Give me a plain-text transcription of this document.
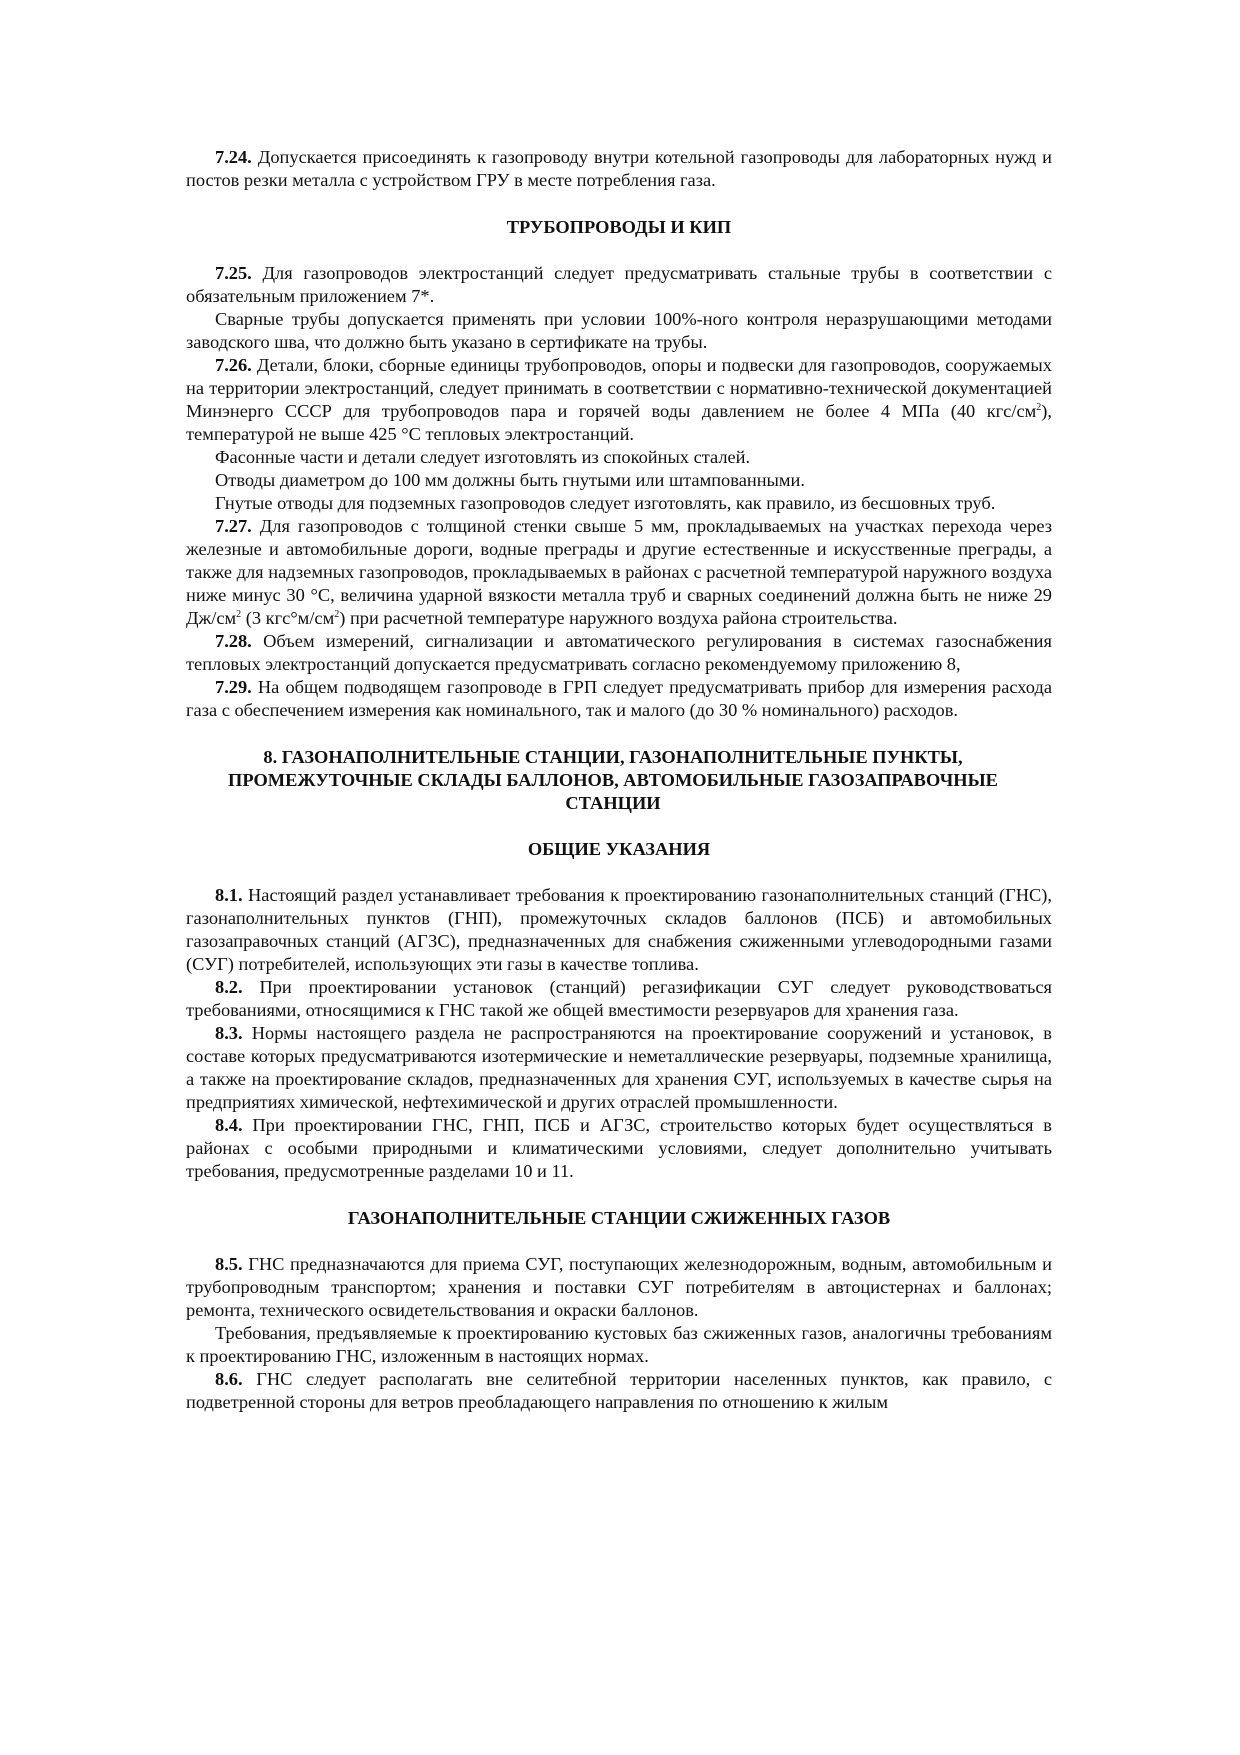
7.24. Допускается присоединять к газопроводу внутри котельной газопроводы для лабораторных нужд и постов резки металла с устройством ГРУ в месте потребления газа.

ТРУБОПРОВОДЫ И КИП

7.25. Для газопроводов электростанций следует предусматривать стальные трубы в соответствии с обязательным приложением 7*.

Сварные трубы допускается применять при условии 100%-ного контроля неразрушающими методами заводского шва, что должно быть указано в сертификате на трубы.

7.26. Детали, блоки, сборные единицы трубопроводов, опоры и подвески для газопроводов, сооружаемых на территории электростанций, следует принимать в соответствии с нормативно-технической документацией Минэнерго СССР для трубопроводов пара и горячей воды давлением не более 4 МПа (40 кгс/$см^2$), температурой не выше 425 °С тепловых электростанций.

Фасонные части и детали следует изготовлять из спокойных сталей.

Отводы диаметром до 100 мм должны быть гнутыми или штампованными.

Гнутые отводы для подземных газопроводов следует изготовлять, как правило, из бесшовных труб.

7.27. Для газопроводов с толщиной стенки свыше 5 мм, прокладываемых на участках перехода через железные и автомобильные дороги, водные преграды и другие естественные и искусственные преграды, а также для надземных газопроводов, прокладываемых в районах с расчетной температурой наружного воздуха ниже минус 30 °С, величина ударной вязкости металла труб и сварных соединений должна быть не ниже 29 $Дж/см^2$ (3 $кгс^\circ м/см^2$) при расчетной температуре наружного воздуха района строительства.

7.28. Объем измерений, сигнализации и автоматического регулирования в системах газоснабжения тепловых электростанций допускается предусматривать согласно рекомендуемому приложению 8,

7.29. На общем подводящем газопроводе в ГРП следует предусматривать прибор для измерения расхода газа с обеспечением измерения как номинального, так и малого (до 30 % номинального) расходов.

8. ГАЗОНАПОЛНИТЕЛЬНЫЕ СТАНЦИИ, ГАЗОНАПОЛНИТЕЛЬНЫЕ ПУНКТЫ, ПРОМЕЖУТОЧНЫЕ СКЛАДЫ БАЛЛОНОВ, АВТОМОБИЛЬНЫЕ ГАЗОЗАПРАВОЧНЫЕ СТАНЦИИ

ОБЩИЕ УКАЗАНИЯ

8.1. Настоящий раздел устанавливает требования к проектированию газонаполнительных станций (ГНС), газонаполнительных пунктов (ГНП), промежуточных складов баллонов (ПСБ) и автомобильных газозаправочных станций (АГЗС), предназначенных для снабжения сжиженными углеводородными газами (СУГ) потребителей, использующих эти газы в качестве топлива.

8.2. При проектировании установок (станций) регазификации СУГ следует руководствоваться требованиями, относящимися к ГНС такой же общей вместимости резервуаров для хранения газа.

8.3. Нормы настоящего раздела не распространяются на проектирование сооружений и установок, в составе которых предусматриваются изотермические и неметаллические резервуары, подземные хранилища, а также на проектирование складов, предназначенных для хранения СУГ, используемых в качестве сырья на предприятиях химической, нефтехимической и других отраслей промышленности.

8.4. При проектировании ГНС, ГНП, ПСБ и АГЗС, строительство которых будет осуществляться в районах с особыми природными и климатическими условиями, следует дополнительно учитывать требования, предусмотренные разделами 10 и 11.

ГАЗОНАПОЛНИТЕЛЬНЫЕ СТАНЦИИ СЖИЖЕННЫХ ГАЗОВ

8.5. ГНС предназначаются для приема СУГ, поступающих железнодорожным, водным, автомобильным и трубопроводным транспортом; хранения и поставки СУГ потребителям в автоцистернах и баллонах; ремонта, технического освидетельствования и окраски баллонов.

Требования, предъявляемые к проектированию кустовых баз сжиженных газов, аналогичны требованиям к проектированию ГНС, изложенным в настоящих нормах.

8.6. ГНС следует располагать вне селитебной территории населенных пунктов, как правило, с подветренной стороны для ветров преобладающего направления по отношению к жилым
